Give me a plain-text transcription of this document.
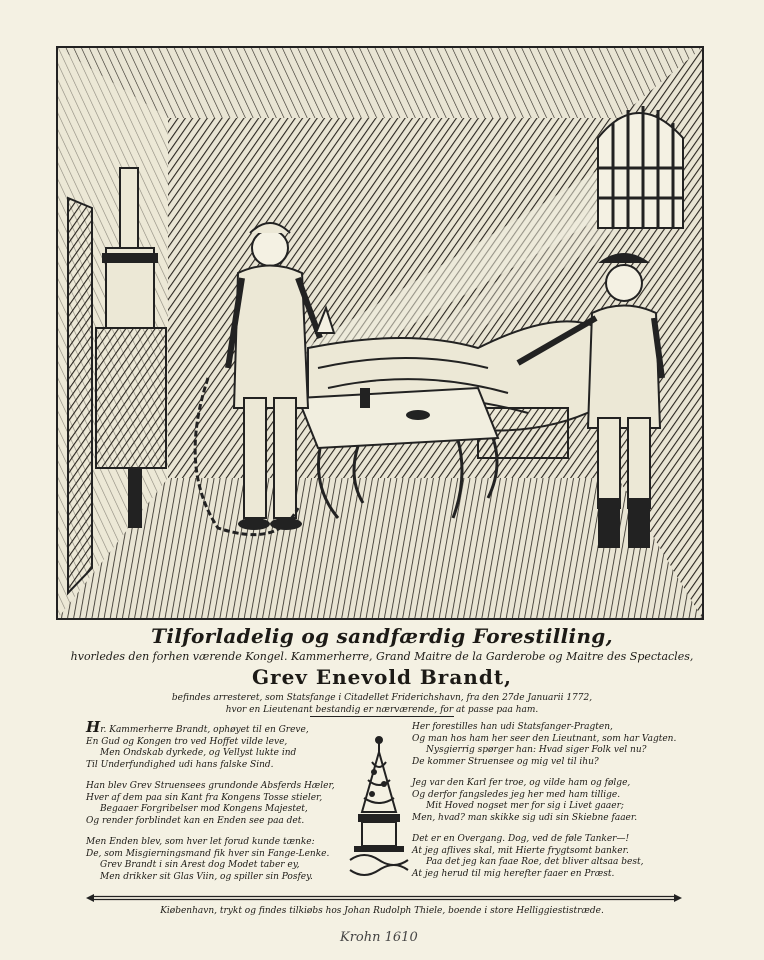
Tilforladelig og sandfærdig Forestilling,
hvorledes den forhen værende Kongel. Kammerherre, Grand Maitre de la Garderobe og Maitre des Spectacles,
Grev Enevold Brandt,
befindes arresteret, som Statsfange i Citadellet Friderichshavn, fra den 27de Januarii 1772,
hvor en Lieutenant bestandig er nærværende, for at passe paa ham.
Hr. Kammerherre Brandt, ophøyet til en Greve,
En Gud og Kongen tro ved Hoffet vilde leve,
Men Ondskab dyrkede, og Vellyst lukte ind
Til Underfundighed udi hans falske Sind.
Han blev Grev Struensees grundonde Absferds Hæler,
Hver af dem paa sin Kant fra Kongens Tosse stieler,
Begaaer Forgribelser mod Kongens Majestet,
Og render forblindet kan en Enden see paa det.
Men Enden blev, som hver let forud kunde tænke:
De, som Misgierningsmand fik hver sin Fange-Lenke.
Grev Brandt i sin Arest dog Modet taber ey,
Men drikker sit Glas Viin, og spiller sin Posfey.
Her forestilles han udi Statsfanger-Pragten,
Og man hos ham her seer den Lieutnant, som har Vagten.
Nysgierrig spørger han: Hvad siger Folk vel nu?
De kommer Struensee og mig vel til ihu?
Jeg var den Karl fer troe, og vilde ham og følge,
Og derfor fangsledes jeg her med ham tillige.
Mit Hoved nogset mer for sig i Livet gaaer;
Men, hvad? man skikke sig udi sin Skiebne faaer.
Det er en Overgang. Dog, ved de føle Tanker—!
At jeg aflives skal, mit Hierte frygtsomt banker.
Paa det jeg kan faae Roe, det bliver altsaa best,
At jeg herud til mig herefter faaer en Præst.
Kiøbenhavn, trykt og findes tilkiøbs hos Johan Rudolph Thiele, boende i store Helliggiestistræde.
Krohn 1610
